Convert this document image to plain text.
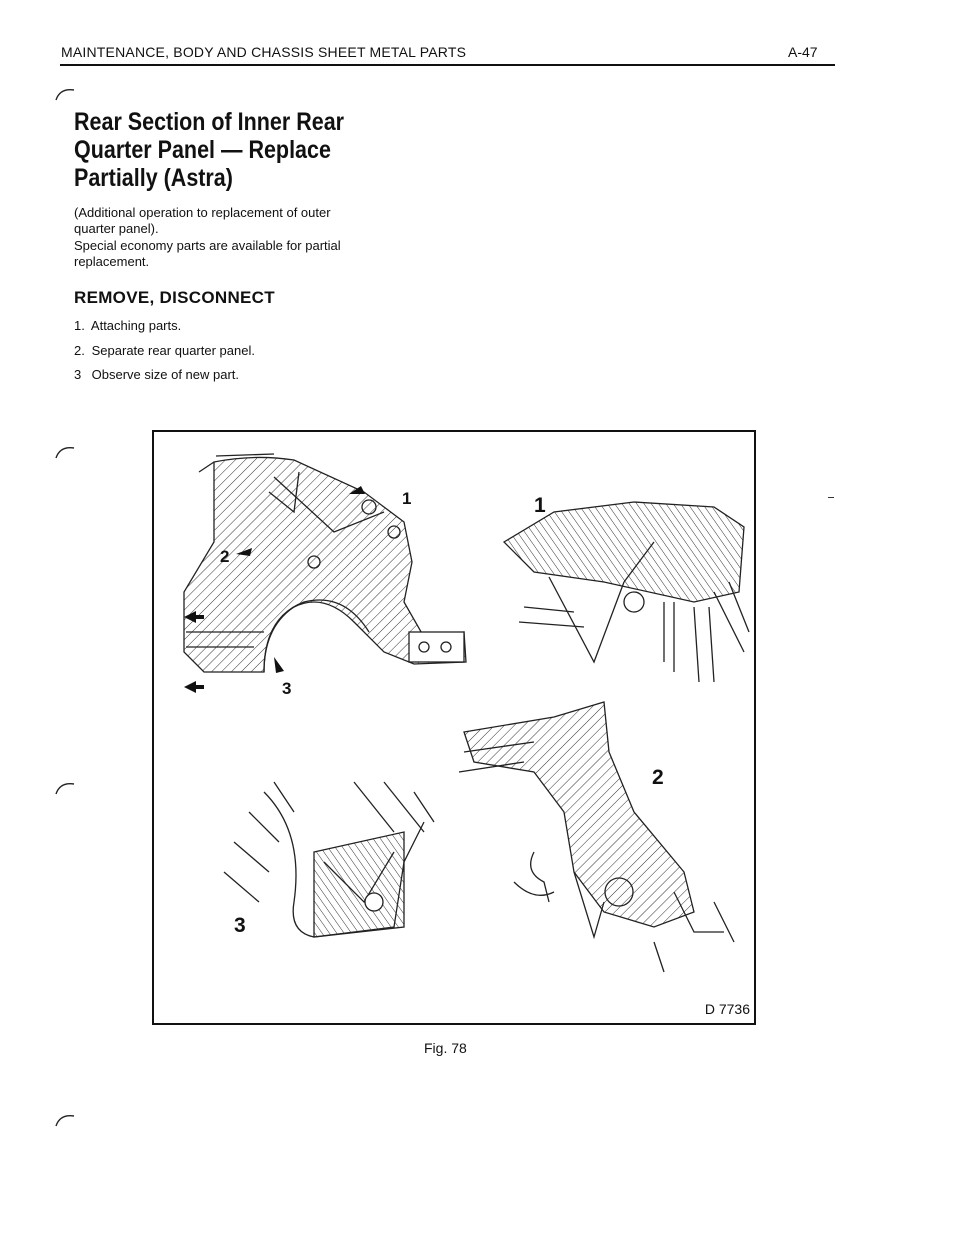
MAINTENANCE, BODY AND CHASSIS SHEET METAL PARTS	A-47
Rear Section of Inner Rear
Quarter Panel — Replace
Partially (Astra)
(Additional operation to replacement of outer
quarter panel).
Special economy parts are available for partial
replacement.
REMOVE, DISCONNECT
1. Attaching parts.
2. Separate rear quarter panel.
3 Observe size of new part.
2
3
1	1
2
3
D 7736
Fig. 78
